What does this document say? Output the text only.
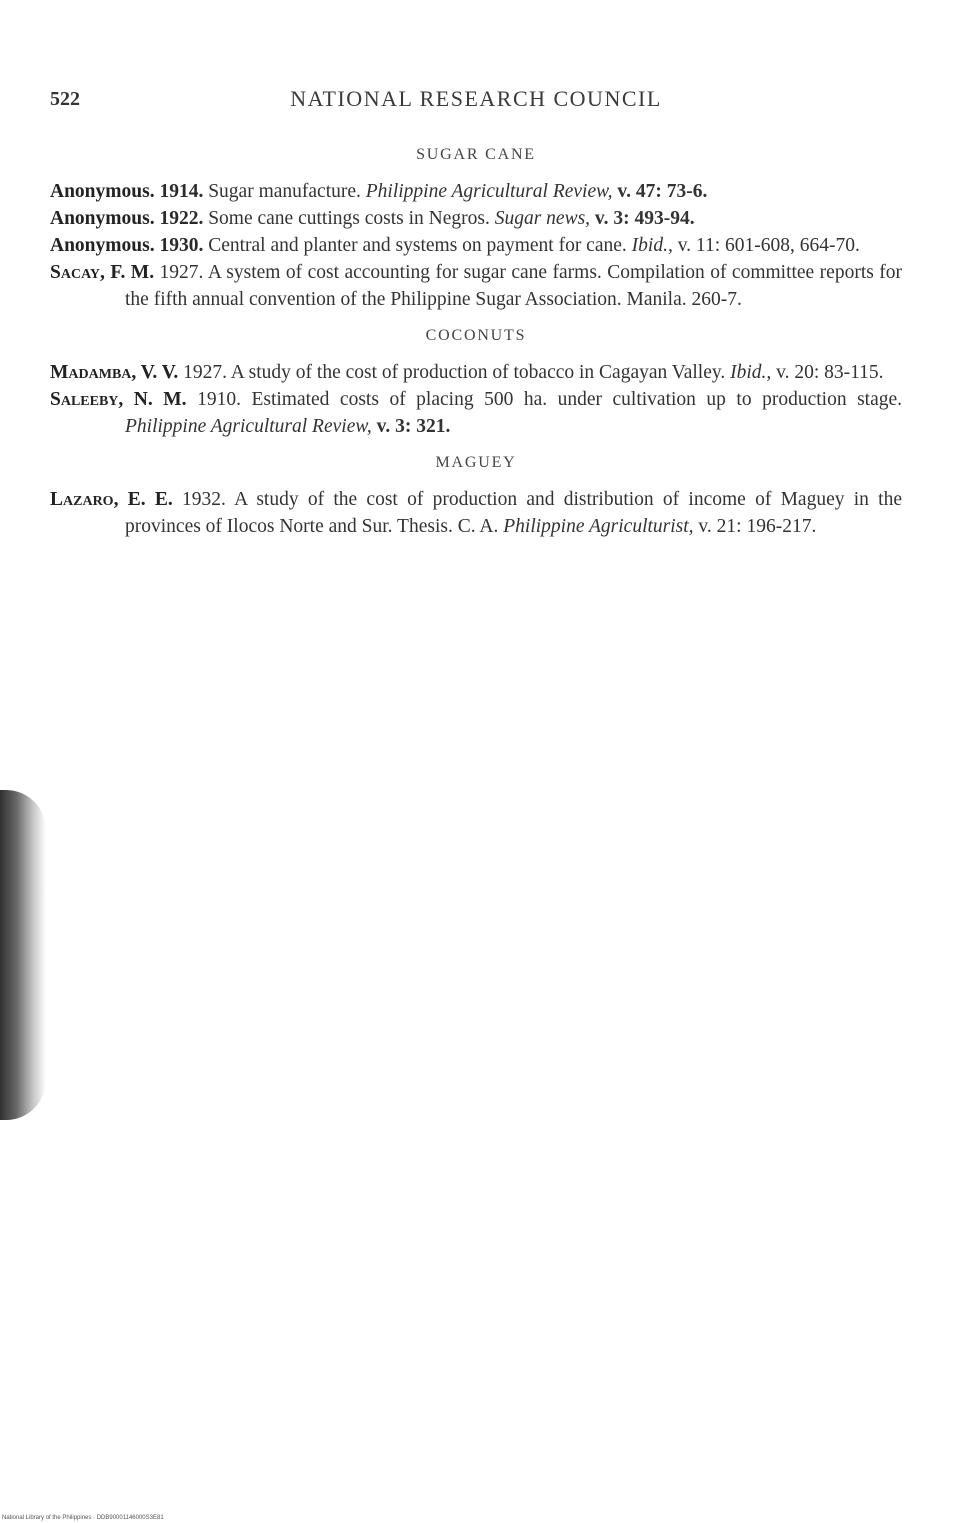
522	NATIONAL RESEARCH COUNCIL
SUGAR CANE

Anonymous. 1914. Sugar manufacture. Philippine Agricultural Review, v. 47: 73-6.

Anonymous. 1922. Some cane cuttings costs in Negros. Sugar news, v. 3: 493-94.

Anonymous. 1930. Central and planter and systems on payment for cane. Ibid., v. 11: 601-608, 664-70.

Sacay, F. M. 1927. A system of cost accounting for sugar cane farms. Compilation of committee reports for the fifth annual convention of the Philippine Sugar Association. Manila. 260-7.

COCONUTS

Madamba, V. V. 1927. A study of the cost of production of tobacco in Cagayan Valley. Ibid., v. 20: 83-115.

Saleeby, N. M. 1910. Estimated costs of placing 500 ha. under cultivation up to production stage. Philippine Agricultural Review, v. 3: 321.

MAGUEY

Lazaro, E. E. 1932. A study of the cost of production and distribution of income of Maguey in the provinces of Ilocos Norte and Sur. Thesis. C. A. Philippine Agriculturist, v. 21: 196-217.

National Library of the Philippines · DDB90001146000S3E81
